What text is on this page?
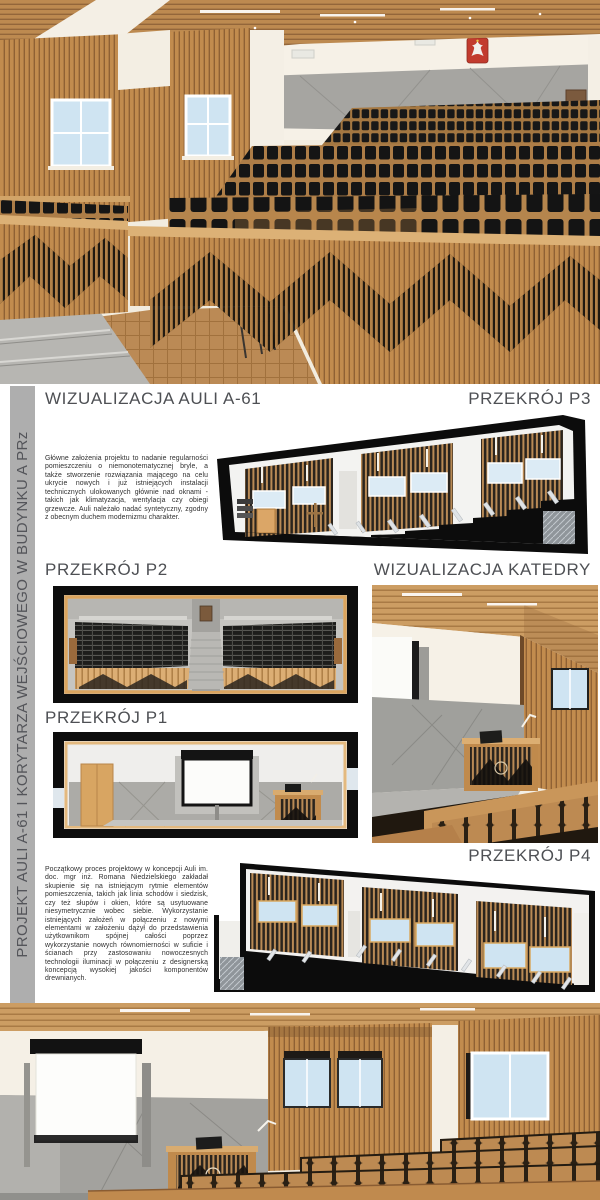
PROJEKT AULI A-61 I KORYTARZA WEJŚCIOWEGO W BUDYNKU A PRz
WIZUALIZACJA AULI A-61	PRZEKRÓJ P3
PRZEKRÓJ P2	WIZUALIZACJA KATEDRY
PRZEKRÓJ P1
PRZEKRÓJ P4
Główne założenia projektu to nadanie regularności pomieszczeniu o niemonotematycznej bryle, a także stworzenie rozwiązania mającego na celu ukrycie nowych i już istniejących instalacji technicznych ulokowanych głównie nad oknami - takich jak klimatyzacja, wentylacja czy obiegi grzewcze. Auli należało nadać syntetyczny, zgodny z obecnym duchem modernizmu charakter.
Początkowy proces projektowy w koncepcji Auli im. doc. mgr inż. Romana Niedzielskiego zakładał skupienie się na istniejącym rytmie elementów pomieszczenia, takich jak linia schodów i siedzisk, czy też słupów i okien, które są usytuowane niesymetrycznie wobec siebie. Wykorzystanie istniejących założeń w połączeniu z nowymi elementami w założeniu dążył do przedstawienia użytkownikom spójnej całości poprzez wykorzystanie nowych równomierności w suficie i ścianach przy zastosowaniu nowoczesnych technologii iluminacji w połączeniu z designerską koncepcją wysokiej jakości komponentów drewnianych.
